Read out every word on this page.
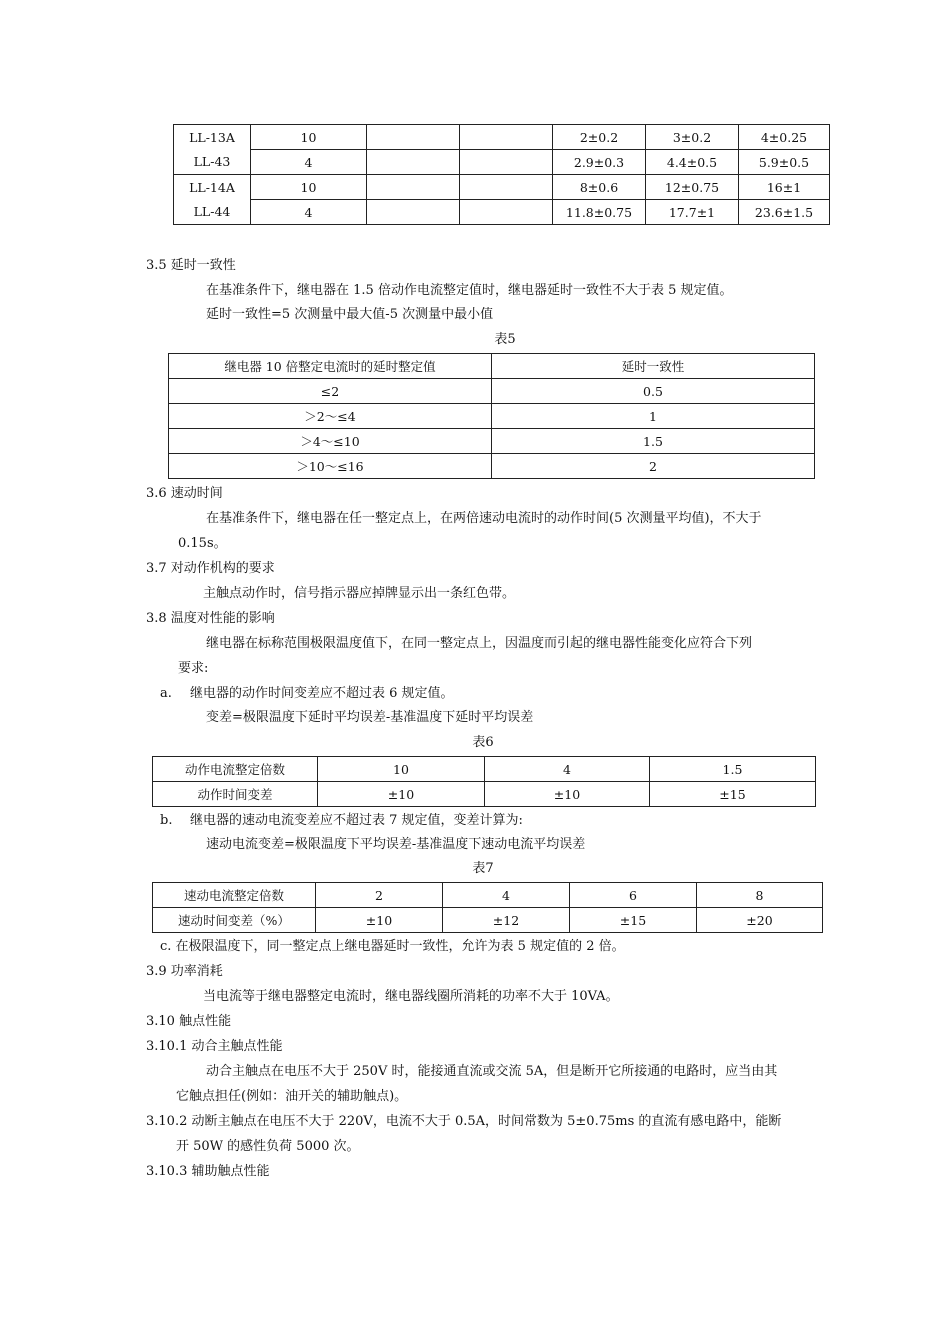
LL-13A	10			2±0.2	3±0.2	4±0.25
LL-43	4			2.9±0.3	4.4±0.5	5.9±0.5
LL-14A	10			8±0.6	12±0.75	16±1
LL-44	4			11.8±0.75	17.7±1	23.6±1.5
3.5 延时一致性
在基准条件下，继电器在 1.5 倍动作电流整定值时，继电器延时一致性不大于表 5 规定值。
延时一致性=5 次测量中最大值-5 次测量中最小值
表5
继电器 10 倍整定电流时的延时整定值	延时一致性
≤2	0.5
＞2～≤4	1
＞4～≤10	1.5
＞10～≤16	2
3.6 速动时间
在基准条件下，继电器在任一整定点上，在两倍速动电流时的动作时间(5 次测量平均值)，不大于
0.15s。
3.7 对动作机构的要求
主触点动作时，信号指示器应掉牌显示出一条红色带。
3.8 温度对性能的影响
继电器在标称范围极限温度值下，在同一整定点上，因温度而引起的继电器性能变化应符合下列
要求:
a. 继电器的动作时间变差应不超过表 6 规定值。
变差=极限温度下延时平均误差-基准温度下延时平均误差
表6
动作电流整定倍数	10	4	1.5
动作时间变差	±10	±10	±15
b. 继电器的速动电流变差应不超过表 7 规定值，变差计算为:
速动电流变差=极限温度下平均误差-基准温度下速动电流平均误差
表7
速动电流整定倍数	2	4	6	8
速动时间变差（%）	±10	±12	±15	±20
c. 在极限温度下，同一整定点上继电器延时一致性，允许为表 5 规定值的 2 倍。
3.9 功率消耗
当电流等于继电器整定电流时，继电器线圈所消耗的功率不大于 10VA。
3.10 触点性能
3.10.1 动合主触点性能
动合主触点在电压不大于 250V 时，能接通直流或交流 5A，但是断开它所接通的电路时，应当由其
它触点担任(例如：油开关的辅助触点)。
3.10.2 动断主触点在电压不大于 220V，电流不大于 0.5A，时间常数为 5±0.75ms 的直流有感电路中，能断
开 50W 的感性负荷 5000 次。
3.10.3 辅助触点性能
